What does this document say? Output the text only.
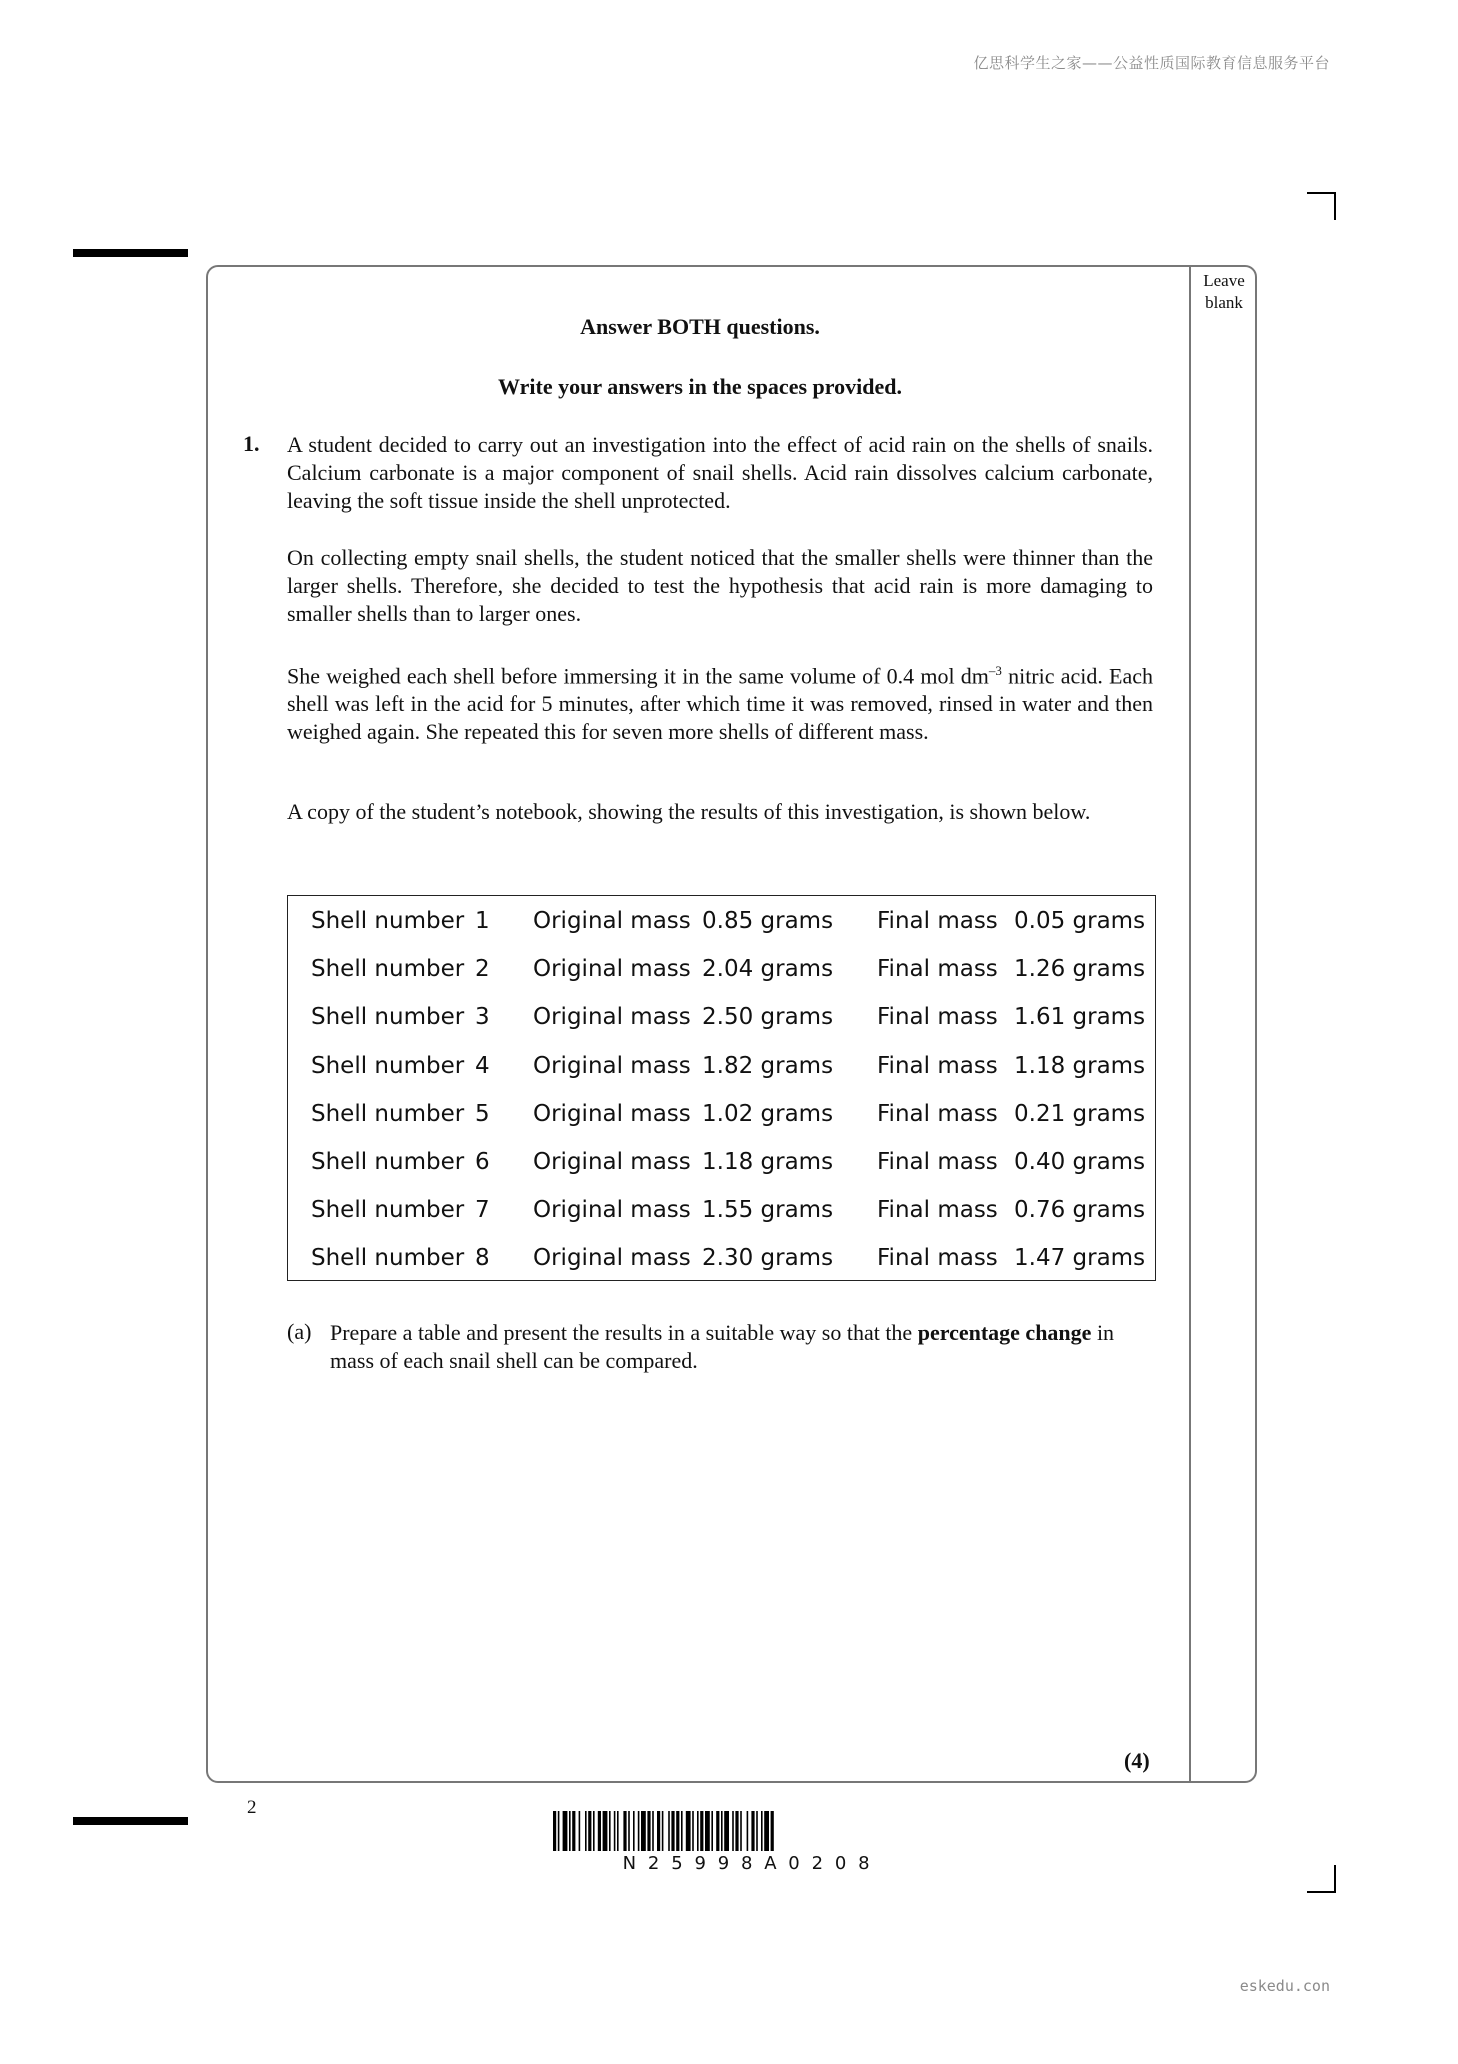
亿思科学生之家——公益性质国际教育信息服务平台
Leave
blank
Answer BOTH questions.
Write your answers in the spaces provided.
1. A student decided to carry out an investigation into the effect of acid rain on the shells of snails. Calcium carbonate is a major component of snail shells. Acid rain dissolves calcium carbonate, leaving the soft tissue inside the shell unprotected.
On collecting empty snail shells, the student noticed that the smaller shells were thinner than the larger shells. Therefore, she decided to test the hypothesis that acid rain is more damaging to smaller shells than to larger ones.
She weighed each shell before immersing it in the same volume of 0.4 mol $dm^{-3}$ nitric acid. Each shell was left in the acid for 5 minutes, after which time it was removed, rinsed in water and then weighed again. She repeated this for seven more shells of different mass.
A copy of the student’s notebook, showing the results of this investigation, is shown below.
Shell number 1 Original mass 0.85 grams Final mass 0.05 grams
Shell number 2 Original mass 2.04 grams Final mass 1.26 grams
Shell number 3 Original mass 2.50 grams Final mass 1.61 grams
Shell number 4 Original mass 1.82 grams Final mass 1.18 grams
Shell number 5 Original mass 1.02 grams Final mass 0.21 grams
Shell number 6 Original mass 1.18 grams Final mass 0.40 grams
Shell number 7 Original mass 1.55 grams Final mass 0.76 grams
Shell number 8 Original mass 2.30 grams Final mass 1.47 grams
(a) Prepare a table and present the results in a suitable way so that the percentage change in mass of each snail shell can be compared.
(4)
2
N25998A0208
eskedu.con
